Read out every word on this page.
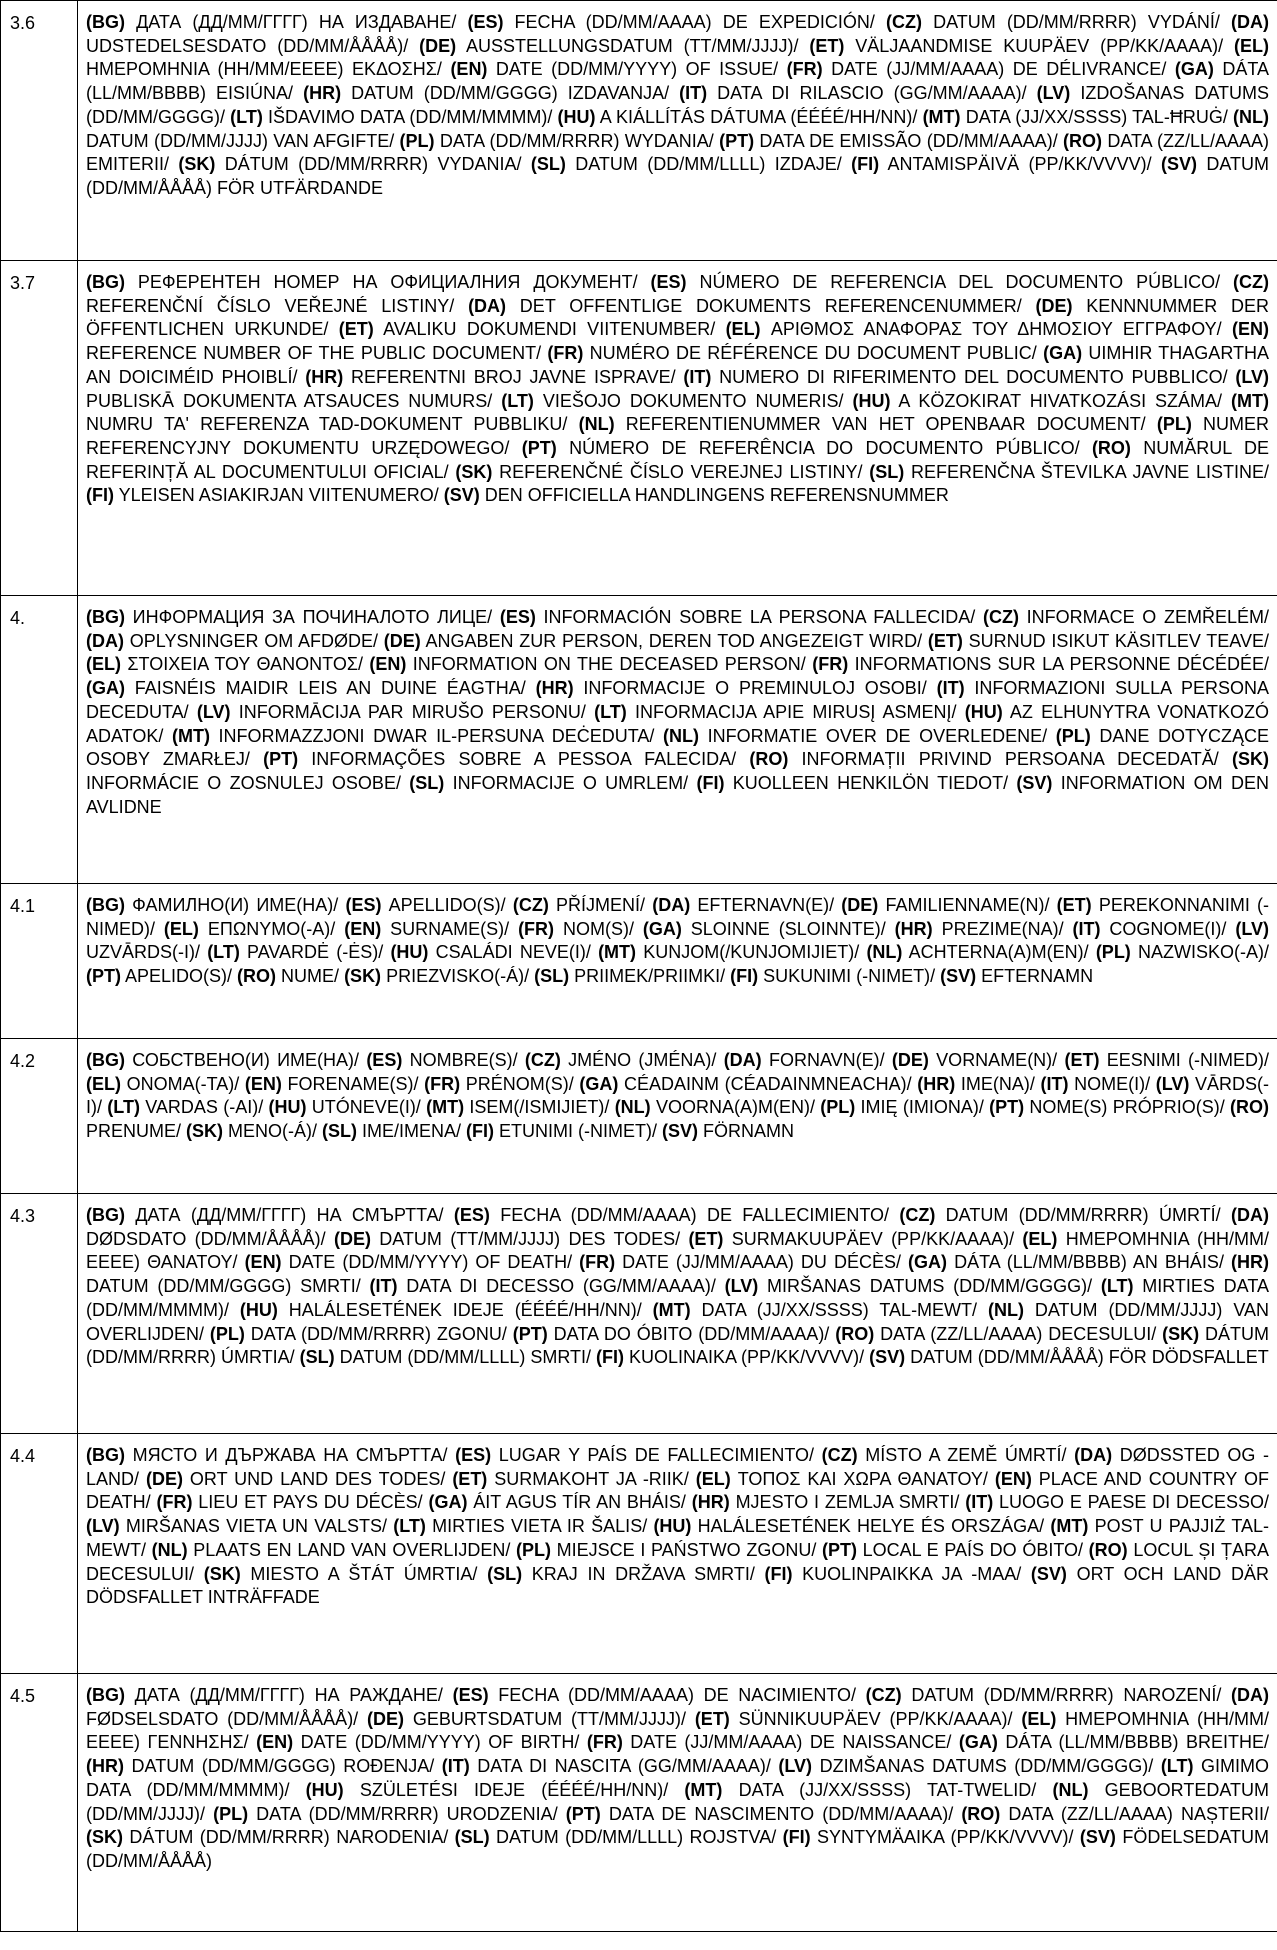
3.6	(BG) ДАТА (ДД/ММ/ГГГГ) НА ИЗДАВАНЕ/ (ES) FECHA (DD/MM/AAAA) DE EXPEDICIÓN/ (CZ) DATUM (DD/MM/RRRR) VYDÁNÍ/ (DA) UDSTEDELSESDATO (DD/MM/ÅÅÅÅ)/ (DE) AUSSTELLUNGSDATUM (TT/MM/JJJJ)/ (ET) VÄLJAANDMISE KUUPÄEV (PP/KK/AAAA)/ (EL) ΗΜΕΡΟΜΗΝΙΑ (ΗΗ/ΜΜ/ΕΕΕΕ) ΕΚΔΟΣΗΣ/ (EN) DATE (DD/MM/YYYY) OF ISSUE/ (FR) DATE (JJ/MM/AAAA) DE DÉLIVRANCE/ (GA) DÁTA (LL/MM/BBBB) EISIÚNA/ (HR) DATUM (DD/MM/GGGG) IZDAVANJA/ (IT) DATA DI RILASCIO (GG/MM/AAAA)/ (LV) IZDOŠANAS DATUMS (DD/MM/GGGG)/ (LT) IŠDAVIMO DATA (DD/MM/MMMM)/ (HU) A KIÁLLÍTÁS DÁTUMA (ÉÉÉÉ/HH/NN)/ (MT) DATA (JJ/XX/SSSS) TAL-ĦRUĠ/ (NL) DATUM (DD/MM/JJJJ) VAN AFGIFTE/ (PL) DATA (DD/MM/RRRR) WYDANIA/ (PT) DATA DE EMISSÃO (DD/MM/AAAA)/ (RO) DATA (ZZ/LL/AAAA) EMITERII/ (SK) DÁTUM (DD/MM/RRRR) VYDANIA/ (SL) DATUM (DD/MM/LLLL) IZDAJE/ (FI) ANTAMISPÄIVÄ (PP/KK/VVVV)/ (SV) DATUM (DD/MM/ÅÅÅÅ) FÖR UTFÄRDANDE
3.7	(BG) РЕФЕРЕНТЕН НОМЕР НА ОФИЦИАЛНИЯ ДОКУМЕНТ/ (ES) NÚMERO DE REFERENCIA DEL DOCUMENTO PÚBLICO/ (CZ) REFERENČNÍ ČÍSLO VEŘEJNÉ LISTINY/ (DA) DET OFFENTLIGE DOKUMENTS REFERENCENUMMER/ (DE) KENNNUMMER DER ÖFFENTLICHEN URKUNDE/ (ET) AVALIKU DOKUMENDI VIITENUMBER/ (EL) ΑΡΙΘΜΟΣ ΑΝΑΦΟΡΑΣ ΤΟΥ ΔΗΜΟΣΙΟΥ ΕΓΓΡΑΦΟΥ/ (EN) REFERENCE NUMBER OF THE PUBLIC DOCUMENT/ (FR) NUMÉRO DE RÉFÉRENCE DU DOCUMENT PUBLIC/ (GA) UIMHIR THAGARTHA AN DOICIMÉID PHOIBLÍ/ (HR) REFERENTNI BROJ JAVNE ISPRAVE/ (IT) NUMERO DI RIFERIMENTO DEL DOCUMENTO PUBBLICO/ (LV) PUBLISKĀ DOKUMENTA ATSAUCES NUMURS/ (LT) VIEŠOJO DOKUMENTO NUMERIS/ (HU) A KÖZOKIRAT HIVATKOZÁSI SZÁMA/ (MT) NUMRU TA' REFERENZA TAD-DOKUMENT PUBBLIKU/ (NL) REFERENTIENUMMER VAN HET OPENBAAR DOCUMENT/ (PL) NUMER REFERENCYJNY DOKUMENTU URZĘDOWEGO/ (PT) NÚMERO DE REFERÊNCIA DO DOCUMENTO PÚBLICO/ (RO) NUMĂRUL DE REFERINȚĂ AL DOCUMENTULUI OFICIAL/ (SK) REFERENČNÉ ČÍSLO VEREJNEJ LISTINY/ (SL) REFERENČNA ŠTEVILKA JAVNE LISTINE/ (FI) YLEISEN ASIAKIRJAN VIITENUMERO/ (SV) DEN OFFICIELLA HANDLINGENS REFERENSNUMMER
4.	(BG) ИНФОРМАЦИЯ ЗА ПОЧИНАЛОТО ЛИЦЕ/ (ES) INFORMACIÓN SOBRE LA PERSONA FALLECIDA/ (CZ) INFORMACE O ZEMŘELÉM/ (DA) OPLYSNINGER OM AFDØDE/ (DE) ANGABEN ZUR PERSON, DEREN TOD ANGEZEIGT WIRD/ (ET) SURNUD ISIKUT KÄSITLEV TEAVE/ (EL) ΣΤΟΙΧΕΙΑ ΤΟΥ ΘΑΝΟΝΤΟΣ/ (EN) INFORMATION ON THE DECEASED PERSON/ (FR) INFORMATIONS SUR LA PERSONNE DÉCÉDÉE/ (GA) FAISNÉIS MAIDIR LEIS AN DUINE ÉAGTHA/ (HR) INFORMACIJE O PREMINULOJ OSOBI/ (IT) INFORMAZIONI SULLA PERSONA DECEDUTA/ (LV) INFORMĀCIJA PAR MIRUŠO PERSONU/ (LT) INFORMACIJA APIE MIRUSĮ ASMENĮ/ (HU) AZ ELHUNYTRA VONATKOZÓ ADATOK/ (MT) INFORMAZZJONI DWAR IL-PERSUNA DEĊEDUTA/ (NL) INFORMATIE OVER DE OVERLEDENE/ (PL) DANE DOTYCZĄCE OSOBY ZMARŁEJ/ (PT) INFORMAÇÕES SOBRE A PESSOA FALECIDA/ (RO) INFORMAȚII PRIVIND PERSOANA DECEDATĂ/ (SK) INFORMÁCIE O ZOSNULEJ OSOBE/ (SL) INFORMACIJE O UMRLEM/ (FI) KUOLLEEN HENKILÖN TIEDOT/ (SV) INFORMATION OM DEN AVLIDNE
4.1	(BG) ФАМИЛНО(И) ИМЕ(НА)/ (ES) APELLIDO(S)/ (CZ) PŘÍJMENÍ/ (DA) EFTERNAVN(E)/ (DE) FAMILIENNAME(N)/ (ET) PEREKONNANIMI (-NIMED)/ (EL) ΕΠΩΝΥΜΟ(-Α)/ (EN) SURNAME(S)/ (FR) NOM(S)/ (GA) SLOINNE (SLOINNTE)/ (HR) PREZIME(NA)/ (IT) COGNOME(I)/ (LV) UZVĀRDS(-I)/ (LT) PAVARDĖ (-ĖS)/ (HU) CSALÁDI NEVE(I)/ (MT) KUNJOM(/KUNJOMIJIET)/ (NL) ACHTERNA(A)M(EN)/ (PL) NAZWISKO(-A)/ (PT) APELIDO(S)/ (RO) NUME/ (SK) PRIEZVISKO(-Á)/ (SL) PRIIMEK/PRIIMKI/ (FI) SUKUNIMI (-NIMET)/ (SV) EFTERNAMN
4.2	(BG) СОБСТВЕНО(И) ИМЕ(НА)/ (ES) NOMBRE(S)/ (CZ) JMÉNO (JMÉNA)/ (DA) FORNAVN(E)/ (DE) VORNAME(N)/ (ET) EESNIMI (-NIMED)/ (EL) ΟΝΟΜΑ(-ΤΑ)/ (EN) FORENAME(S)/ (FR) PRÉNOM(S)/ (GA) CÉADAINM (CÉADAINMNEACHA)/ (HR) IME(NA)/ (IT) NOME(I)/ (LV) VĀRDS(-I)/ (LT) VARDAS (-AI)/ (HU) UTÓNEVE(I)/ (MT) ISEM(/ISMIJIET)/ (NL) VOORNA(A)M(EN)/ (PL) IMIĘ (IMIONA)/ (PT) NOME(S) PRÓPRIO(S)/ (RO) PRENUME/ (SK) MENO(-Á)/ (SL) IME/IMENA/ (FI) ETUNIMI (-NIMET)/ (SV) FÖRNAMN
4.3	(BG) ДАТА (ДД/ММ/ГГГГ) НА СМЪРТТА/ (ES) FECHA (DD/MM/AAAA) DE FALLECIMIENTO/ (CZ) DATUM (DD/MM/RRRR) ÚMRTÍ/ (DA) DØDSDATO (DD/MM/ÅÅÅÅ)/ (DE) DATUM (TT/MM/JJJJ) DES TODES/ (ET) SURMAKUUPÄEV (PP/KK/AAAA)/ (EL) ΗΜΕΡΟΜΗΝΙΑ (ΗΗ/ΜΜ/ΕΕΕΕ) ΘΑΝΑΤΟΥ/ (EN) DATE (DD/MM/YYYY) OF DEATH/ (FR) DATE (JJ/MM/AAAA) DU DÉCÈS/ (GA) DÁTA (LL/MM/BBBB) AN BHÁIS/ (HR) DATUM (DD/MM/GGGG) SMRTI/ (IT) DATA DI DECESSO (GG/MM/AAAA)/ (LV) MIRŠANAS DATUMS (DD/MM/GGGG)/ (LT) MIRTIES DATA (DD/MM/MMMM)/ (HU) HALÁLESETÉNEK IDEJE (ÉÉÉÉ/HH/NN)/ (MT) DATA (JJ/XX/SSSS) TAL-MEWT/ (NL) DATUM (DD/MM/JJJJ) VAN OVERLIJDEN/ (PL) DATA (DD/MM/RRRR) ZGONU/ (PT) DATA DO ÓBITO (DD/MM/AAAA)/ (RO) DATA (ZZ/LL/AAAA) DECESULUI/ (SK) DÁTUM (DD/MM/RRRR) ÚMRTIA/ (SL) DATUM (DD/MM/LLLL) SMRTI/ (FI) KUOLINAIKA (PP/KK/VVVV)/ (SV) DATUM (DD/MM/ÅÅÅÅ) FÖR DÖDSFALLET
4.4	(BG) МЯСТО И ДЪРЖАВА НА СМЪРТТА/ (ES) LUGAR Y PAÍS DE FALLECIMIENTO/ (CZ) MÍSTO A ZEMĚ ÚMRTÍ/ (DA) DØDSSTED OG -LAND/ (DE) ORT UND LAND DES TODES/ (ET) SURMAKOHT JA -RIIK/ (EL) ΤΟΠΟΣ ΚΑΙ ΧΩΡΑ ΘΑΝΑΤΟΥ/ (EN) PLACE AND COUNTRY OF DEATH/ (FR) LIEU ET PAYS DU DÉCÈS/ (GA) ÁIT AGUS TÍR AN BHÁIS/ (HR) MJESTO I ZEMLJA SMRTI/ (IT) LUOGO E PAESE DI DECESSO/ (LV) MIRŠANAS VIETA UN VALSTS/ (LT) MIRTIES VIETA IR ŠALIS/ (HU) HALÁLESETÉNEK HELYE ÉS ORSZÁGA/ (MT) POST U PAJJIŻ TAL-MEWT/ (NL) PLAATS EN LAND VAN OVERLIJDEN/ (PL) MIEJSCE I PAŃSTWO ZGONU/ (PT) LOCAL E PAÍS DO ÓBITO/ (RO) LOCUL ȘI ȚARA DECESULUI/ (SK) MIESTO A ŠTÁT ÚMRTIA/ (SL) KRAJ IN DRŽAVA SMRTI/ (FI) KUOLINPAIKKA JA -MAA/ (SV) ORT OCH LAND DÄR DÖDSFALLET INTRÄFFADE
4.5	(BG) ДАТА (ДД/ММ/ГГГГ) НА РАЖДАНЕ/ (ES) FECHA (DD/MM/AAAA) DE NACIMIENTO/ (CZ) DATUM (DD/MM/RRRR) NAROZENÍ/ (DA) FØDSELSDATO (DD/MM/ÅÅÅÅ)/ (DE) GEBURTSDATUM (TT/MM/JJJJ)/ (ET) SÜNNIKUUPÄEV (PP/KK/AAAA)/ (EL) ΗΜΕΡΟΜΗΝΙΑ (ΗΗ/ΜΜ/ΕΕΕΕ) ΓΕΝΝΗΣΗΣ/ (EN) DATE (DD/MM/YYYY) OF BIRTH/ (FR) DATE (JJ/MM/AAAA) DE NAISSANCE/ (GA) DÁTA (LL/MM/BBBB) BREITHE/ (HR) DATUM (DD/MM/GGGG) ROĐENJA/ (IT) DATA DI NASCITA (GG/MM/AAAA)/ (LV) DZIMŠANAS DATUMS (DD/MM/GGGG)/ (LT) GIMIMO DATA (DD/MM/MMMM)/ (HU) SZÜLETÉSI IDEJE (ÉÉÉÉ/HH/NN)/ (MT) DATA (JJ/XX/SSSS) TAT-TWELID/ (NL) GEBOORTEDATUM (DD/MM/JJJJ)/ (PL) DATA (DD/MM/RRRR) URODZENIA/ (PT) DATA DE NASCIMENTO (DD/MM/AAAA)/ (RO) DATA (ZZ/LL/AAAA) NAȘTERII/ (SK) DÁTUM (DD/MM/RRRR) NARODENIA/ (SL) DATUM (DD/MM/LLLL) ROJSTVA/ (FI) SYNTYMÄAIKA (PP/KK/VVVV)/ (SV) FÖDELSEDATUM (DD/MM/ÅÅÅÅ)
